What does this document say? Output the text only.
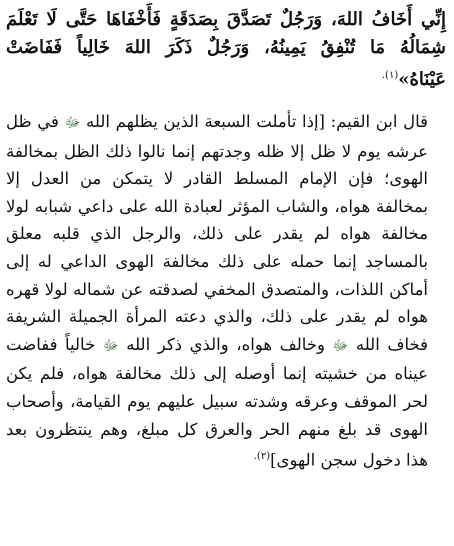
إِنِّي أَخَافُ اللهَ، وَرَجُلٌ تَصَدَّقَ بِصَدَقَةٍ فَأَخْفَاهَا حَتَّى لَا تَعْلَمَ شِمَالُهُ مَا تُنْفِقُ يَمِينُهُ، وَرَجُلٌ ذَكَرَ اللهَ خَالِياً فَفَاضَتْ عَيْنَاهُ»$^{(١).}$

قال ابن القيم: [إذا تأملت السبعة الذين يظلهم الله ﷻ في ظل عرشه يوم لا ظل إلا ظله وجدتهم إنما نالوا ذلك الظل بمخالفة الهوى؛ فإن الإمام المسلط القادر لا يتمكن من العدل إلا بمخالفة هواه، والشاب المؤثر لعبادة الله على داعي شبابه لولا مخالفة هواه لم يقدر على ذلك، والرجل الذي قلبه معلق بالمساجد إنما حمله على ذلك مخالفة الهوى الداعي له إلى أماكن اللذات، والمتصدق المخفي لصدقته عن شماله لولا قهره هواه لم يقدر على ذلك، والذي دعته المرأة الجميلة الشريفة فخاف الله ﷻ وخالف هواه، والذي ذكر الله ﷻ خالياً ففاضت عيناه من خشيته إنما أوصله إلى ذلك مخالفة هواه، فلم يكن لحر الموقف وعرقه وشدته سبيل عليهم يوم القيامة، وأصحاب الهوى قد بلغ منهم الحر والعرق كل مبلغ، وهم ينتظرون بعد هذا دخول سجن الهوى]$^{(٢).}$
